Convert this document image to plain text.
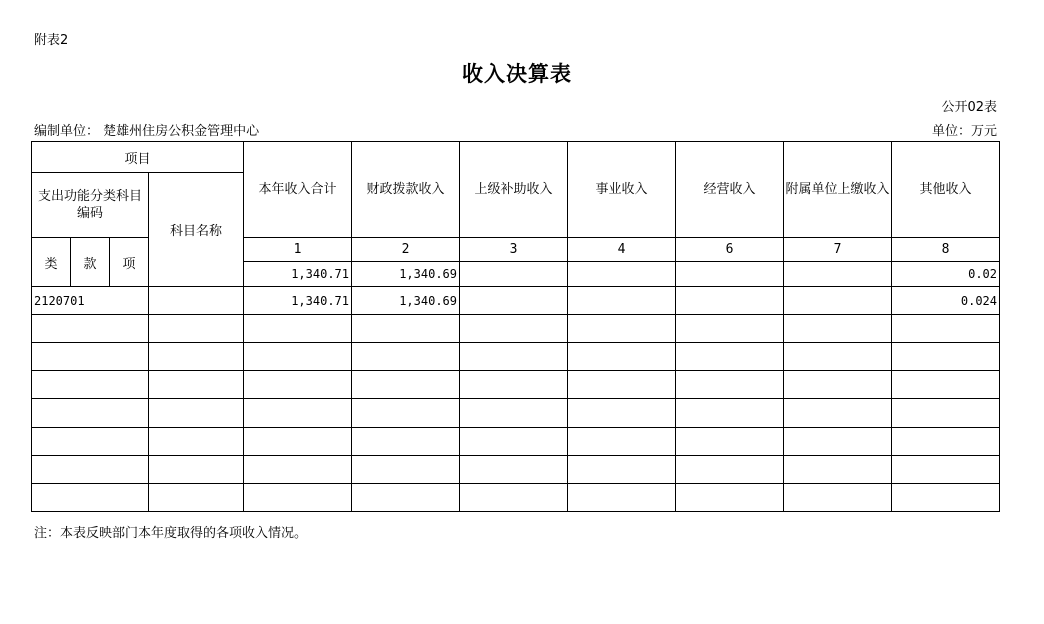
附表2
收入决算表
公开02表
编制单位： 楚雄州住房公积金管理中心	单位：万元
项目				本年收入合计	财政拨款收入	上级补助收入	事业收入	经营收入	附属单位上缴收入	其他收入
支出功能分类科目编码			科目名称							
类	款	项		1	2	3	4	6	7	8
				1,340.71	1,340.69					0.02
2120701				1,340.71	1,340.69					0.024

注：本表反映部门本年度取得的各项收入情况。
